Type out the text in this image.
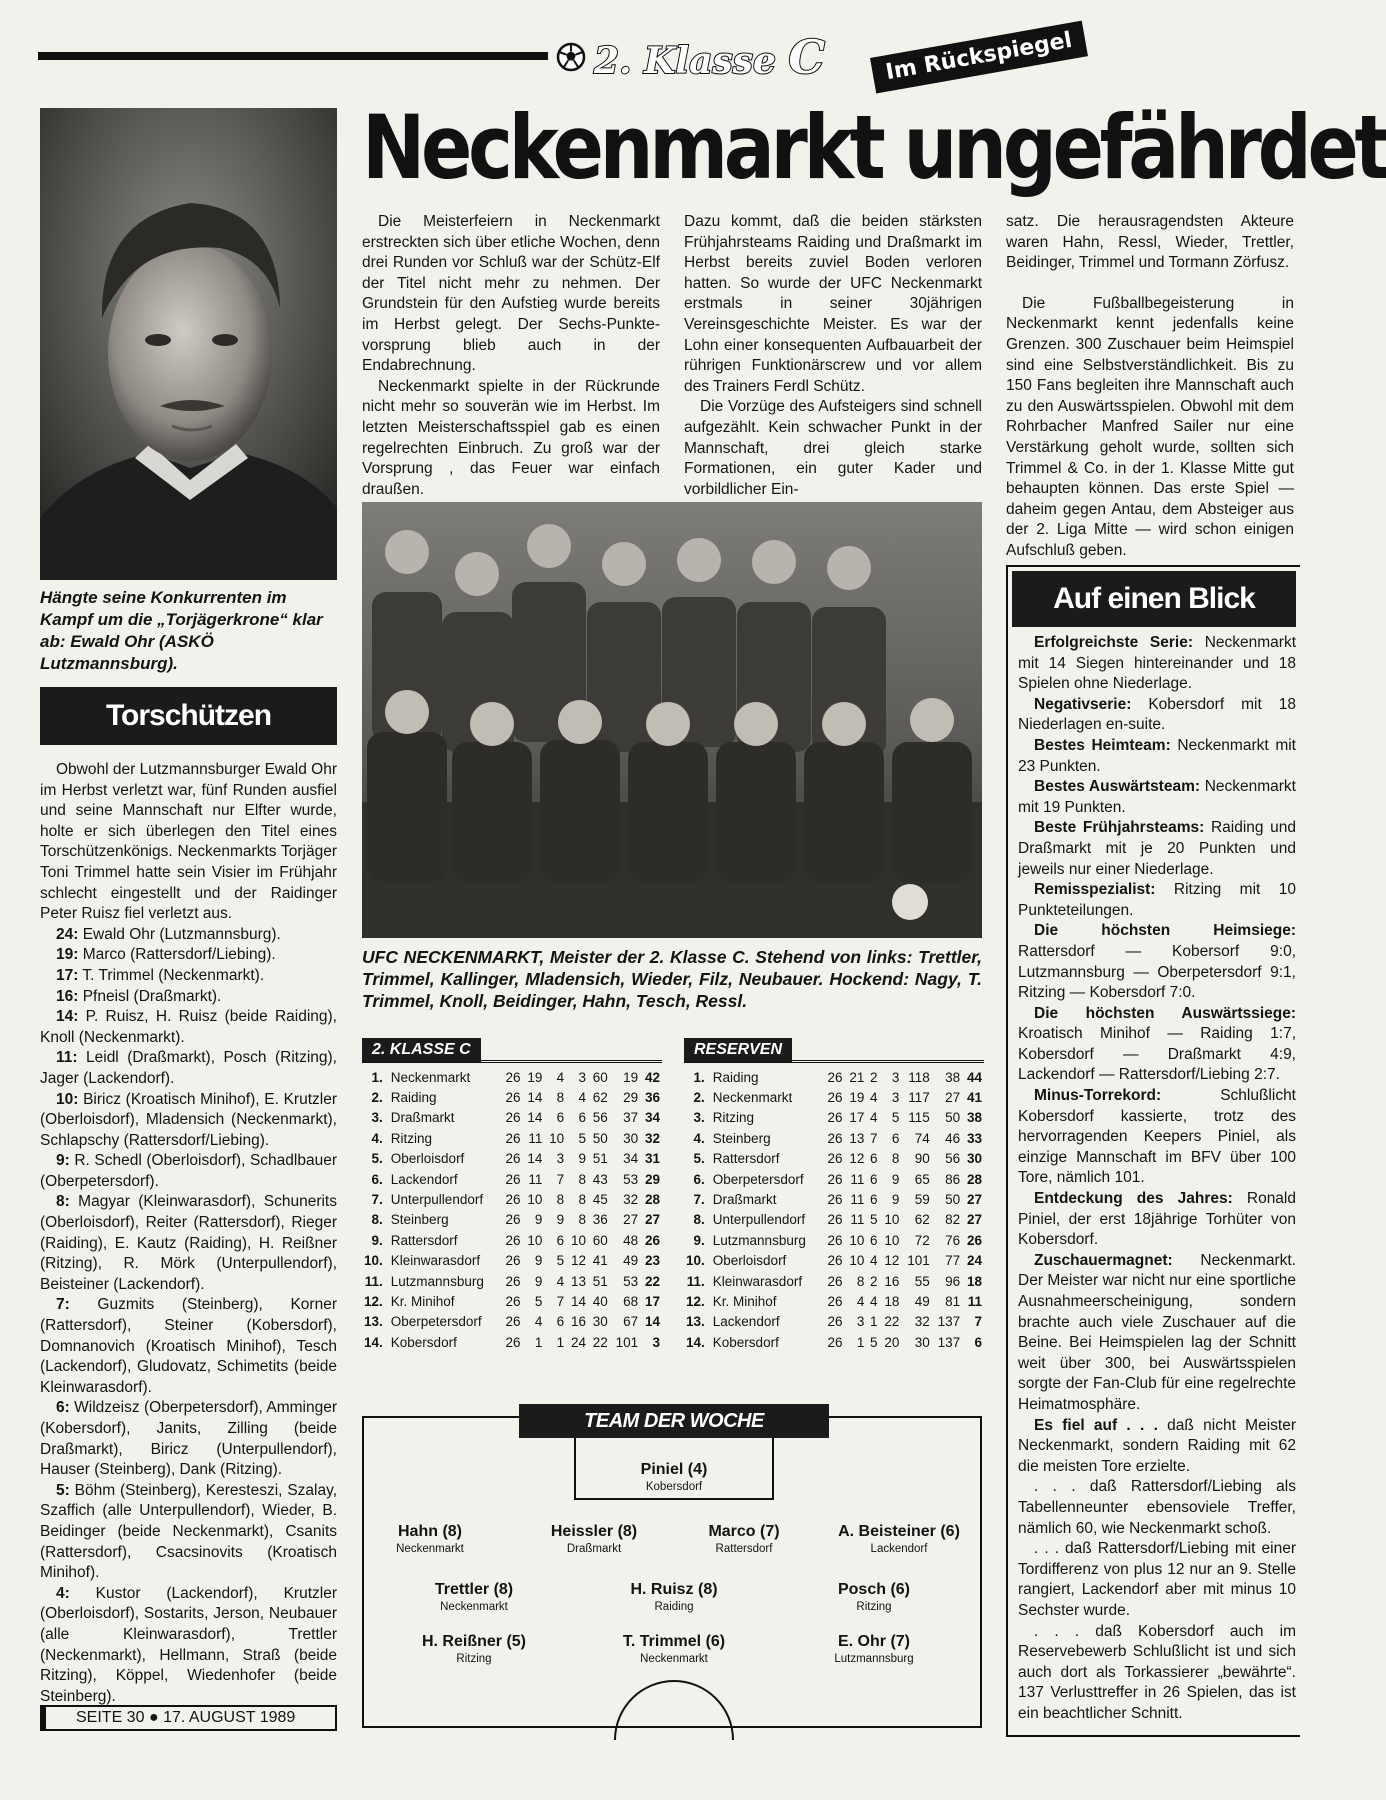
2. Klasse C	Im Rückspiegel
Neckenmarkt ungefährdet
Hängte seine Konkurrenten im Kampf um die „Torjägerkrone“ klar ab: Ewald Ohr (ASKÖ Lutzmannsburg).
Torschützen

Obwohl der Lutzmannsburger Ewald Ohr im Herbst verletzt war, fünf Runden ausfiel und seine Mannschaft nur Elfter wurde, holte er sich überlegen den Titel eines Torschützenkönigs. Neckenmarkts Torjäger Toni Trimmel hatte sein Visier im Frühjahr schlecht eingestellt und der Raidinger Peter Ruisz fiel verletzt aus.

24: Ewald Ohr (Lutzmannsburg).

19: Marco (Rattersdorf/Liebing).

17: T. Trimmel (Neckenmarkt).

16: Pfneisl (Draßmarkt).

14: P. Ruisz, H. Ruisz (beide Raiding), Knoll (Neckenmarkt).

11: Leidl (Draßmarkt), Posch (Ritzing), Jager (Lackendorf).

10: Biricz (Kroatisch Minihof), E. Krutzler (Oberloisdorf), Mladensich (Neckenmarkt), Schlapschy (Rattersdorf/Liebing).

9: R. Schedl (Oberloisdorf), Schadlbauer (Oberpetersdorf).

8: Magyar (Kleinwarasdorf), Schunerits (Oberloisdorf), Reiter (Rattersdorf), Rieger (Raiding), E. Kautz (Raiding), H. Reißner (Ritzing), R. Mörk (Unterpullendorf), Beisteiner (Lackendorf).

7: Guzmits (Steinberg), Korner (Rattersdorf), Steiner (Kobersdorf), Domnanovich (Kroatisch Minihof), Tesch (Lackendorf), Gludovatz, Schimetits (beide Kleinwarasdorf).

6: Wildzeisz (Oberpetersdorf), Amminger (Kobersdorf), Janits, Zilling (beide Draßmarkt), Biricz (Unterpullendorf), Hauser (Steinberg), Dank (Ritzing).

5: Böhm (Steinberg), Keresteszi, Szalay, Szaffich (alle Unterpullendorf), Wieder, B. Beidinger (beide Neckenmarkt), Csanits (Rattersdorf), Csacsinovits (Kroatisch Minihof).

4: Kustor (Lackendorf), Krutzler (Oberloisdorf), Sostarits, Jerson, Neubauer (alle Kleinwarasdorf), Trettler (Neckenmarkt), Hellmann, Straß (beide Ritzing), Köppel, Wiedenhofer (beide Steinberg).

SEITE 30 ● 17. AUGUST 1989

Die Meisterfeiern in Neckenmarkt erstreckten sich über etliche Wochen, denn drei Runden vor Schluß war der Schütz-Elf der Titel nicht mehr zu nehmen. Der Grundstein für den Aufstieg wurde bereits im Herbst gelegt. Der Sechs-Punkte-vorsprung blieb auch in der Endabrechnung.

Neckenmarkt spielte in der Rückrunde nicht mehr so souverän wie im Herbst. Im letzten Meisterschaftsspiel gab es einen regelrechten Einbruch. Zu groß war der Vorsprung , das Feuer war einfach draußen.

Dazu kommt, daß die beiden stärksten Frühjahrsteams Raiding und Draßmarkt im Herbst bereits zuviel Boden verloren hatten. So wurde der UFC Neckenmarkt erstmals in seiner 30jährigen Vereinsgeschichte Meister. Es war der Lohn einer konsequenten Aufbauarbeit der rührigen Funktionärscrew und vor allem des Trainers Ferdl Schütz.

Die Vorzüge des Aufsteigers sind schnell aufgezählt. Kein schwacher Punkt in der Mannschaft, drei gleich starke Formationen, ein guter Kader und vorbildlicher Ein-

satz. Die herausragendsten Akteure waren Hahn, Ressl, Wieder, Trettler, Beidinger, Trimmel und Tormann Zörfusz.

Die Fußballbegeisterung in Neckenmarkt kennt jedenfalls keine Grenzen. 300 Zuschauer beim Heimspiel sind eine Selbstverständlichkeit. Bis zu 150 Fans begleiten ihre Mannschaft auch zu den Auswärtsspielen. Obwohl mit dem Rohrbacher Manfred Sailer nur eine Verstärkung geholt wurde, sollten sich Trimmel & Co. in der 1. Klasse Mitte gut behaupten können. Das erste Spiel — daheim gegen Antau, dem Absteiger aus der 2. Liga Mitte — wird schon einigen Aufschluß geben.

UFC NECKENMARKT, Meister der 2. Klasse C. Stehend von links: Trettler, Trimmel, Kallinger, Mladensich, Wieder, Filz, Neubauer. Hockend: Nagy, T. Trimmel, Knoll, Beidinger, Hahn, Tesch, Ressl.
2. KLASSE C
1.	Neckenmarkt	26	19	4	3	60	19	42
2.	Raiding	26	14	8	4	62	29	36
3.	Draßmarkt	26	14	6	6	56	37	34
4.	Ritzing	26	11	10	5	50	30	32
5.	Oberloisdorf	26	14	3	9	51	34	31
6.	Lackendorf	26	11	7	8	43	53	29
7.	Unterpullendorf	26	10	8	8	45	32	28
8.	Steinberg	26	9	9	8	36	27	27
9.	Rattersdorf	26	10	6	10	60	48	26
10.	Kleinwarasdorf	26	9	5	12	41	49	23
11.	Lutzmannsburg	26	9	4	13	51	53	22
12.	Kr. Minihof	26	5	7	14	40	68	17
13.	Oberpetersdorf	26	4	6	16	30	67	14
14.	Kobersdorf	26	1	1	24	22	101	3
RESERVEN
1.	Raiding	26	21	2	3	118	38	44
2.	Neckenmarkt	26	19	4	3	117	27	41
3.	Ritzing	26	17	4	5	115	50	38
4.	Steinberg	26	13	7	6	74	46	33
5.	Rattersdorf	26	12	6	8	90	56	30
6.	Oberpetersdorf	26	11	6	9	65	86	28
7.	Draßmarkt	26	11	6	9	59	50	27
8.	Unterpullendorf	26	11	5	10	62	82	27
9.	Lutzmannsburg	26	10	6	10	72	76	26
10.	Oberloisdorf	26	10	4	12	101	77	24
11.	Kleinwarasdorf	26	8	2	16	55	96	18
12.	Kr. Minihof	26	4	4	18	49	81	11
13.	Lackendorf	26	3	1	22	32	137	7
14.	Kobersdorf	26	1	5	20	30	137	6
TEAM DER WOCHE
Piniel (4)
Kobersdorf
Hahn (8)
Neckenmarkt
Heissler (8)
Draßmarkt
Marco (7)
Rattersdorf
A. Beisteiner (6)
Lackendorf
Trettler (8)
Neckenmarkt
H. Ruisz (8)
Raiding
Posch (6)
Ritzing
H. Reißner (5)
Ritzing
T. Trimmel (6)
Neckenmarkt
E. Ohr (7)
Lutzmannsburg
Auf einen Blick

Erfolgreichste Serie: Neckenmarkt mit 14 Siegen hintereinander und 18 Spielen ohne Niederlage.

Negativserie: Kobersdorf mit 18 Niederlagen en-suite.

Bestes Heimteam: Neckenmarkt mit 23 Punkten.

Bestes Auswärtsteam: Neckenmarkt mit 19 Punkten.

Beste Frühjahrsteams: Raiding und Draßmarkt mit je 20 Punkten und jeweils nur einer Niederlage.

Remisspezialist: Ritzing mit 10 Punkteteilungen.

Die höchsten Heimsiege: Rattersdorf — Kobersorf 9:0, Lutzmannsburg — Oberpetersdorf 9:1, Ritzing — Kobersdorf 7:0.

Die höchsten Auswärtssiege: Kroatisch Minihof — Raiding 1:7, Kobersdorf — Draßmarkt 4:9, Lackendorf — Rattersdorf/Liebing 2:7.

Minus-Torrekord:	Schlußlicht Kobersdorf kassierte, trotz des hervorragenden Keepers Piniel, als einzige Mannschaft im BFV über 100 Tore, nämlich 101.

Entdeckung des Jahres: Ronald Piniel, der erst 18jährige Torhüter von Kobersdorf.

Zuschauermagnet: Neckenmarkt. Der Meister war nicht nur eine sportliche Ausnahmeerscheinigung, sondern brachte auch viele Zuschauer auf die Beine. Bei Heimspielen lag der Schnitt weit über 300, bei Auswärtsspielen sorgte der Fan-Club für eine regelrechte Heimatmosphäre.

Es fiel auf . . . daß nicht Meister Neckenmarkt, sondern Raiding mit 62 die meisten Tore erzielte.

. . . daß Rattersdorf/Liebing als Tabellenneunter ebensoviele Treffer, nämlich 60, wie Neckenmarkt schoß.

. . . daß Rattersdorf/Liebing mit einer Tordifferenz von plus 12 nur an 9. Stelle rangiert, Lackendorf aber mit minus 10 Sechster wurde.

. . . daß Kobersdorf auch im Reservebewerb Schlußlicht ist und sich auch dort als Torkassierer „bewährte“. 137 Verlusttreffer in 26 Spielen, das ist ein beachtlicher Schnitt.
